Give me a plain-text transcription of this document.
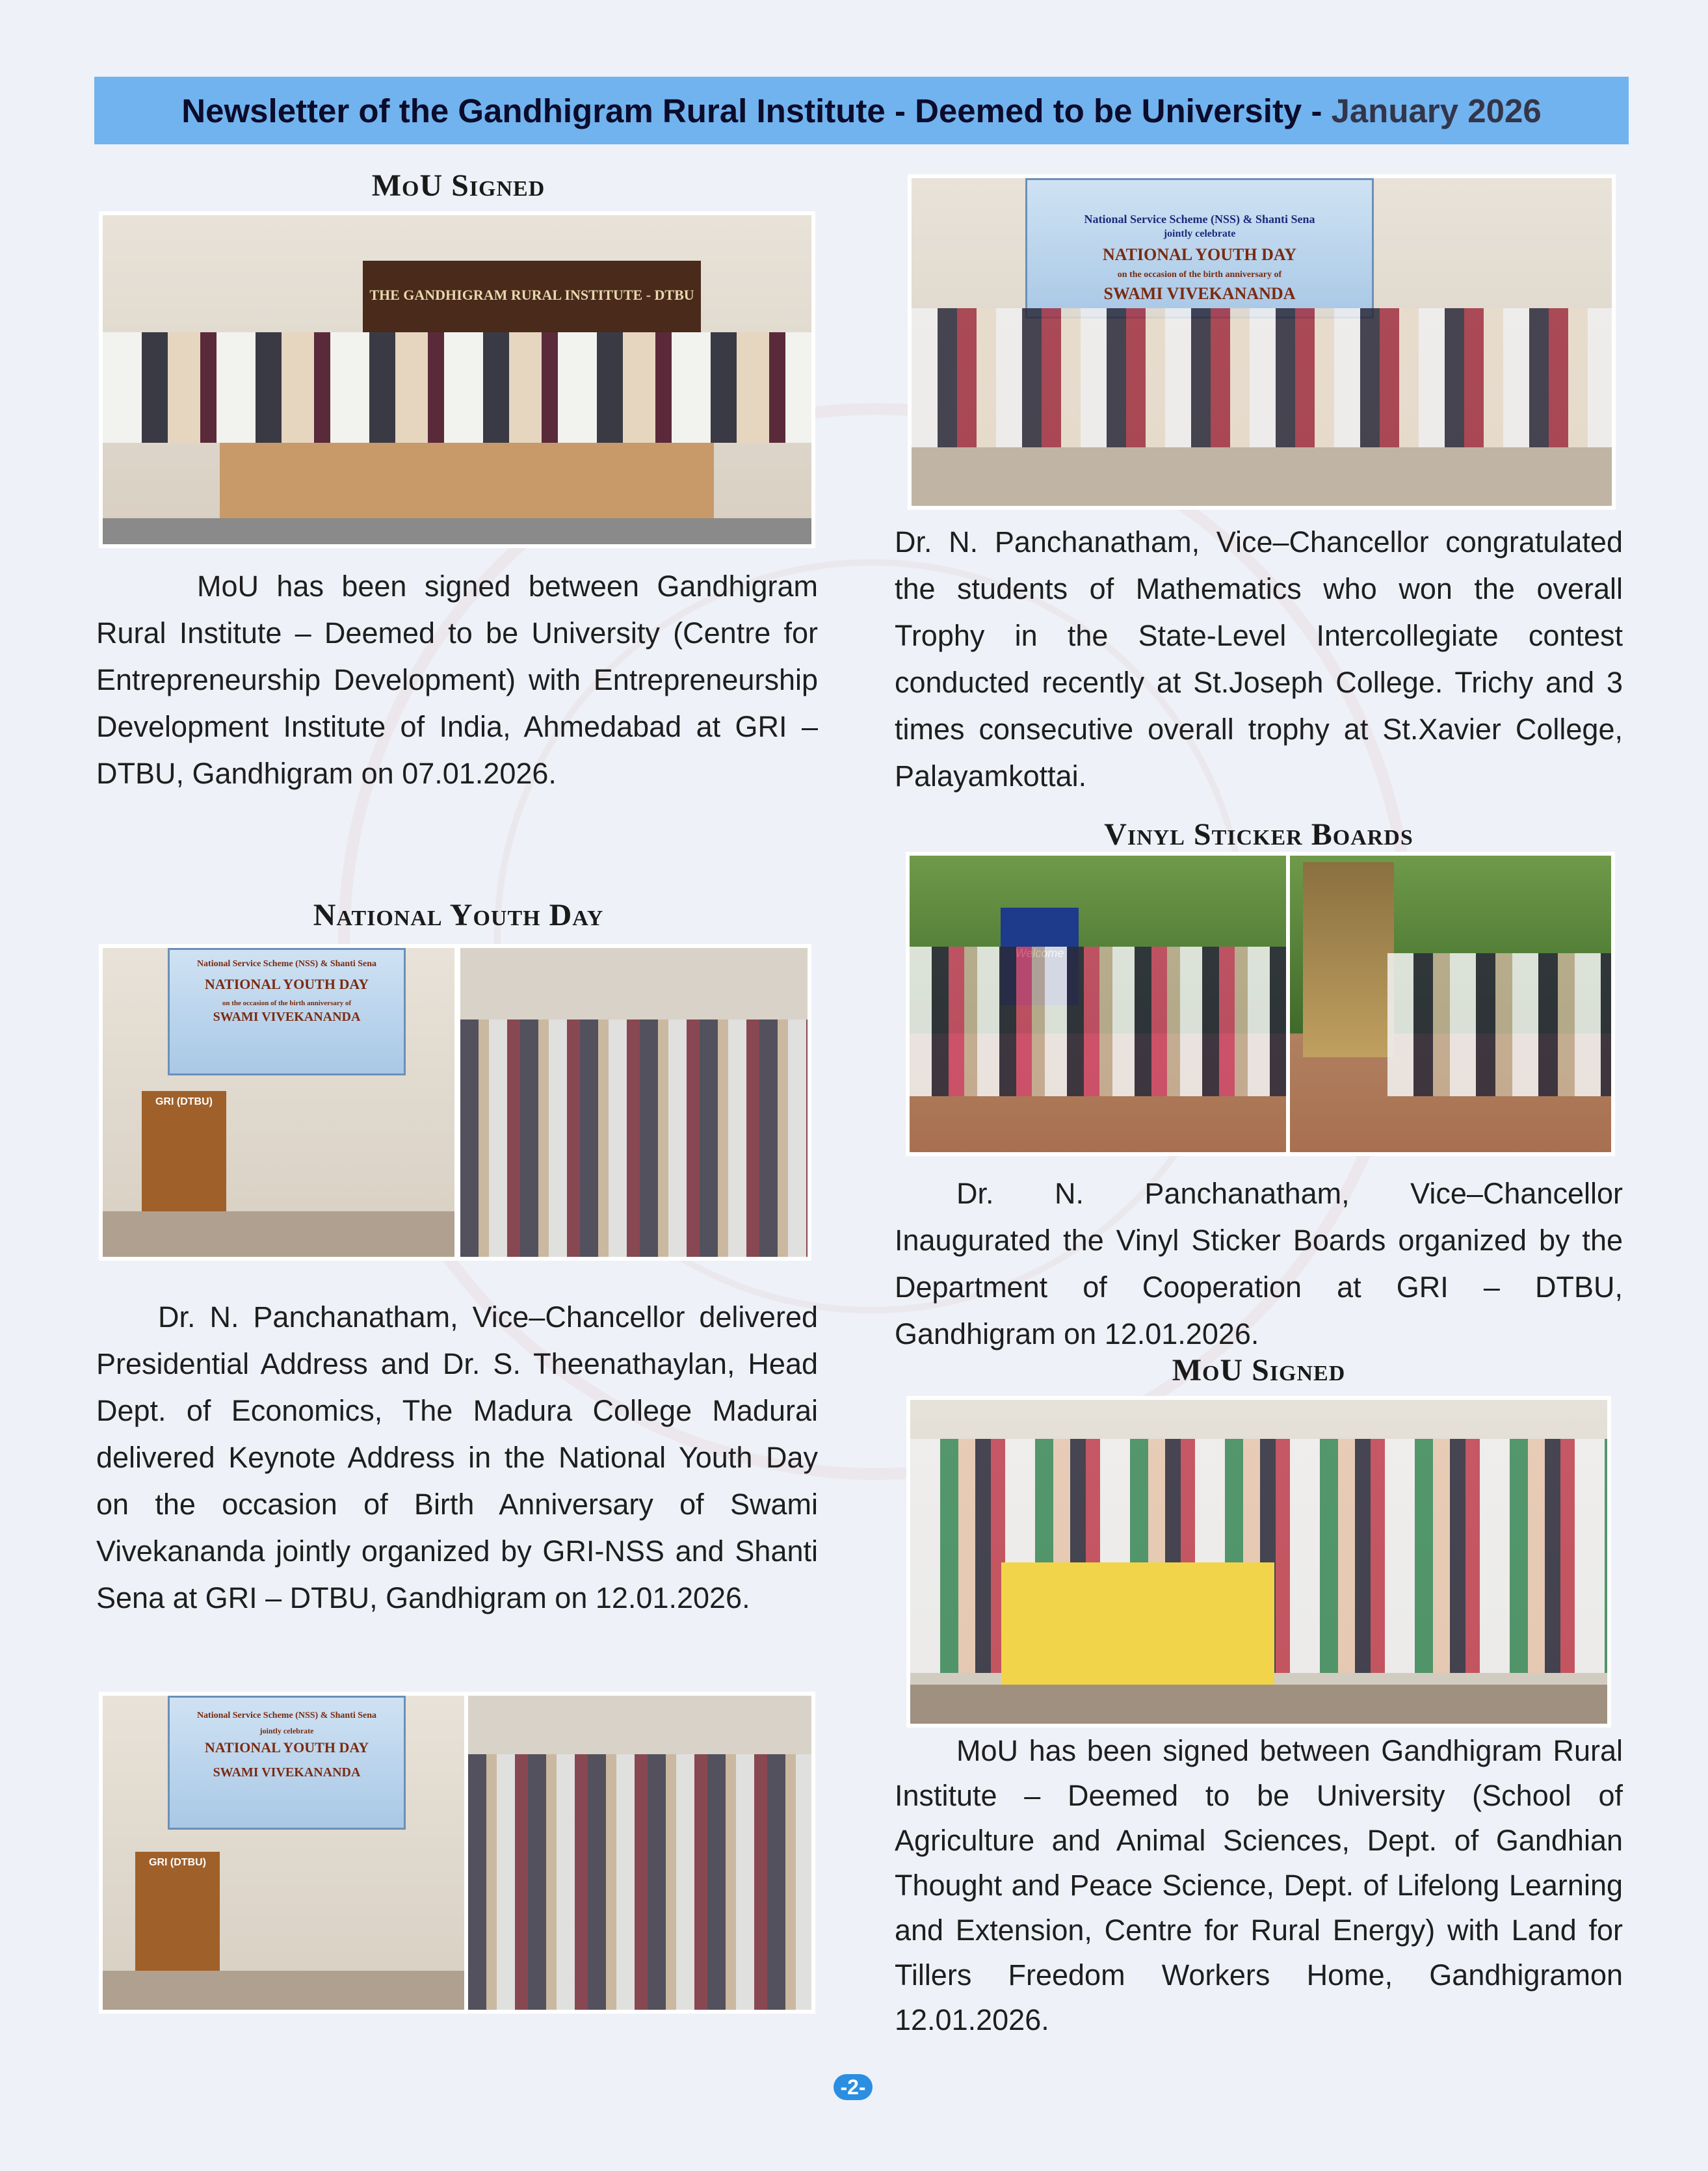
Newsletter of the Gandhigram Rural Institute - Deemed to be University - January 2026
MoU Signed
THE GANDHIGRAM RURAL INSTITUTE - DTBU
MoU has been signed between Gandhigram Rural Institute – Deemed to be University (Centre for Entrepreneurship Development) with Entrepreneurship Development Institute of India, Ahmedabad at GRI – DTBU, Gandhigram on 07.01.2026.
National Youth Day
National Service Scheme (NSS) & Shanti Sena
NATIONAL YOUTH DAY
on the occasion of the birth anniversary of
SWAMI VIVEKANANDA
GRI (DTBU)
Dr. N. Panchanatham, Vice–Chancellor delivered Presidential Address and Dr. S. Theenathaylan, Head Dept. of Economics, The Madura College Madurai delivered Keynote Address in the National Youth Day on the occasion of Birth Anniversary of Swami Vivekananda jointly organized by GRI-NSS and Shanti Sena at GRI – DTBU, Gandhigram on 12.01.2026.
National Service Scheme (NSS) & Shanti Sena
jointly celebrate
NATIONAL YOUTH DAY
SWAMI VIVEKANANDA
GRI (DTBU)
National Service Scheme (NSS) & Shanti Sena
jointly celebrate
NATIONAL YOUTH DAY
on the occasion of the birth anniversary of
SWAMI VIVEKANANDA
Dr. N. Panchanatham, Vice–Chancellor congratulated the students of Mathematics who won the overall Trophy in the State-Level Intercollegiate contest conducted recently at St.Joseph College. Trichy and 3 times consecutive overall trophy at St.Xavier College, Palayamkottai.
Vinyl Sticker Boards
Dr. N. Panchanatham, Vice–Chancellor Inaugurated the Vinyl Sticker Boards organized by the Department of Cooperation at GRI – DTBU, Gandhigram on 12.01.2026.
MoU Signed
MoU has been signed between Gandhigram Rural Institute – Deemed to be University (School of Agriculture and Animal Sciences, Dept. of Gandhian Thought and Peace Science, Dept. of Lifelong Learning and Extension, Centre for Rural Energy) with Land for Tillers Freedom Workers Home, Gandhigramon 12.01.2026.
-2-
